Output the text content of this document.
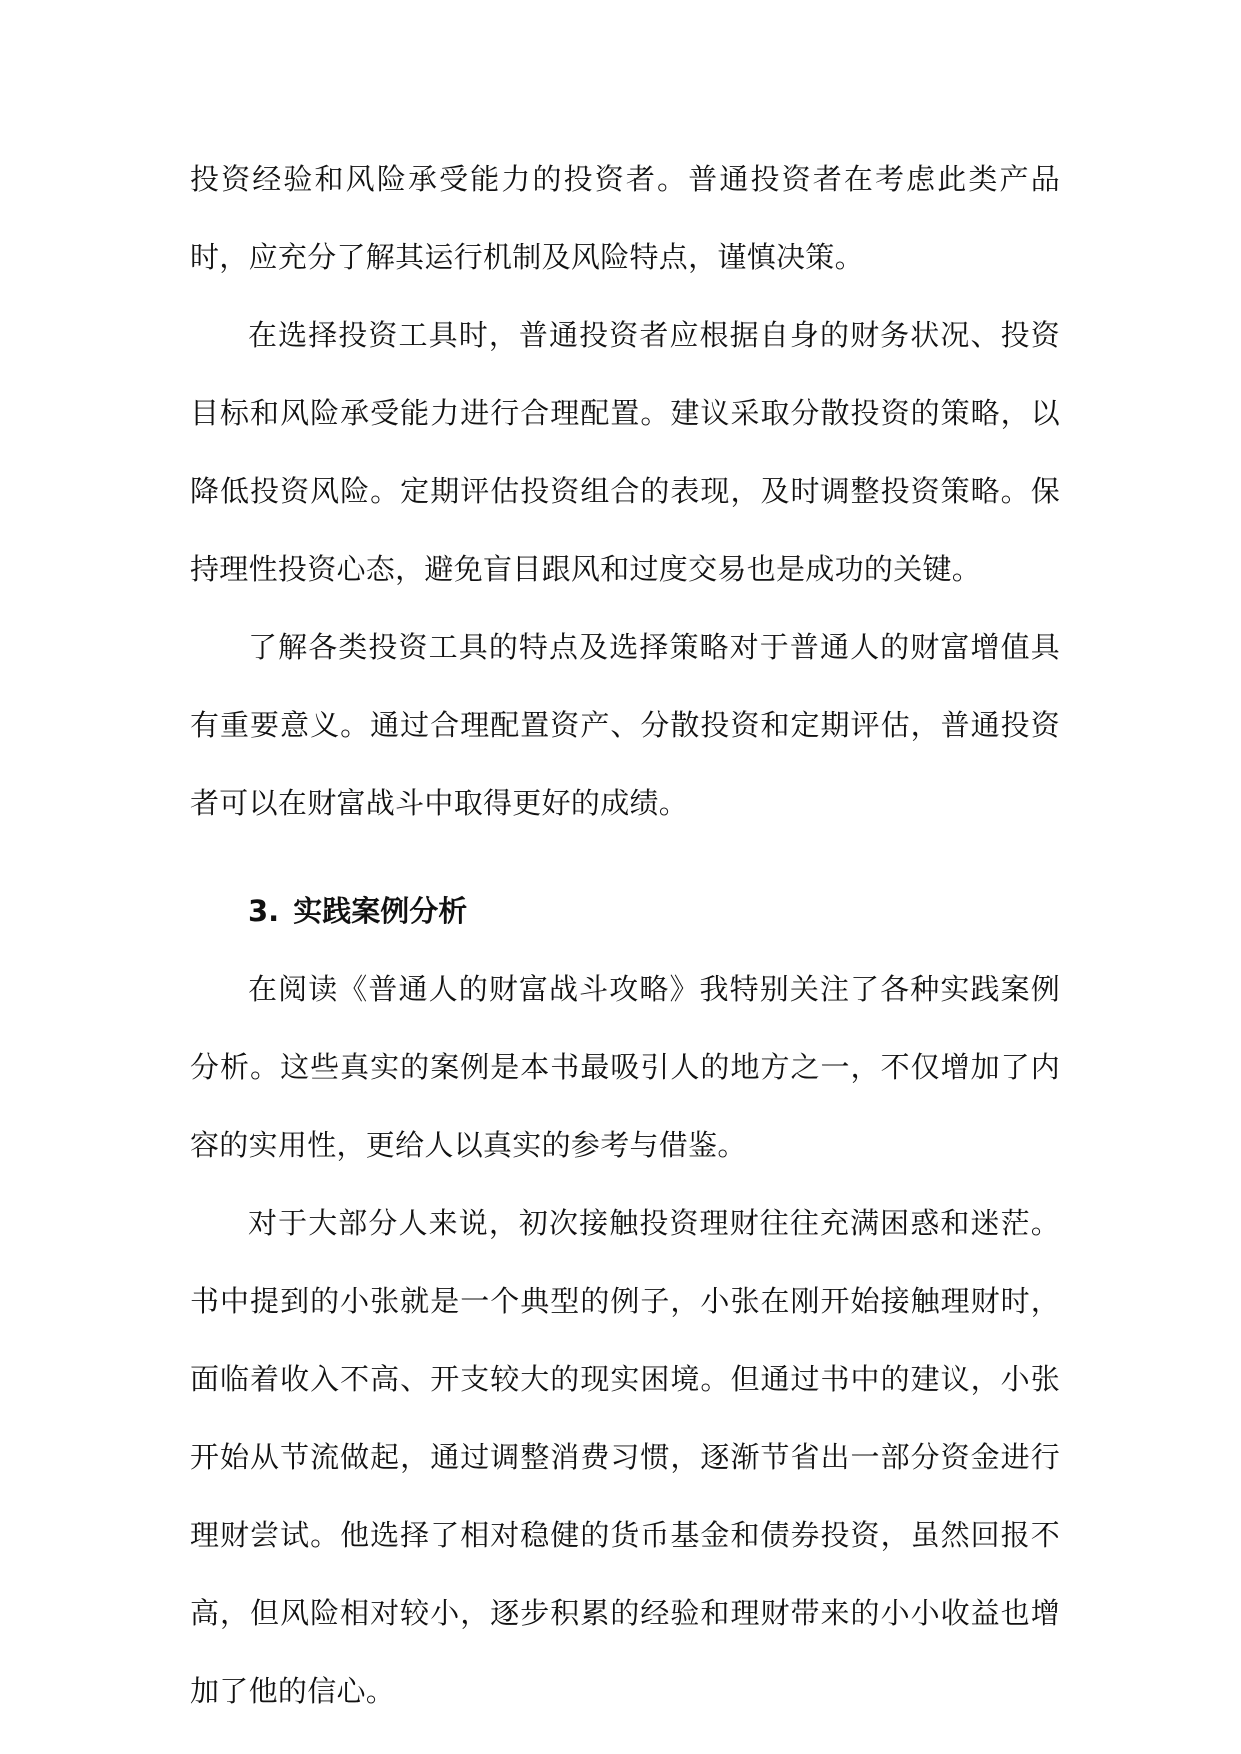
投资经验和风险承受能力的投资者。普通投资者在考虑此类产品时，应充分了解其运行机制及风险特点，谨慎决策。

在选择投资工具时，普通投资者应根据自身的财务状况、投资目标和风险承受能力进行合理配置。建议采取分散投资的策略，以降低投资风险。定期评估投资组合的表现，及时调整投资策略。保持理性投资心态，避免盲目跟风和过度交易也是成功的关键。

了解各类投资工具的特点及选择策略对于普通人的财富增值具有重要意义。通过合理配置资产、分散投资和定期评估，普通投资者可以在财富战斗中取得更好的成绩。

3. 实践案例分析

在阅读《普通人的财富战斗攻略》我特别关注了各种实践案例分析。这些真实的案例是本书最吸引人的地方之一，不仅增加了内容的实用性，更给人以真实的参考与借鉴。

对于大部分人来说，初次接触投资理财往往充满困惑和迷茫。书中提到的小张就是一个典型的例子，小张在刚开始接触理财时，面临着收入不高、开支较大的现实困境。但通过书中的建议，小张开始从节流做起，通过调整消费习惯，逐渐节省出一部分资金进行理财尝试。他选择了相对稳健的货币基金和债券投资，虽然回报不高，但风险相对较小，逐步积累的经验和理财带来的小小收益也增加了他的信心。
